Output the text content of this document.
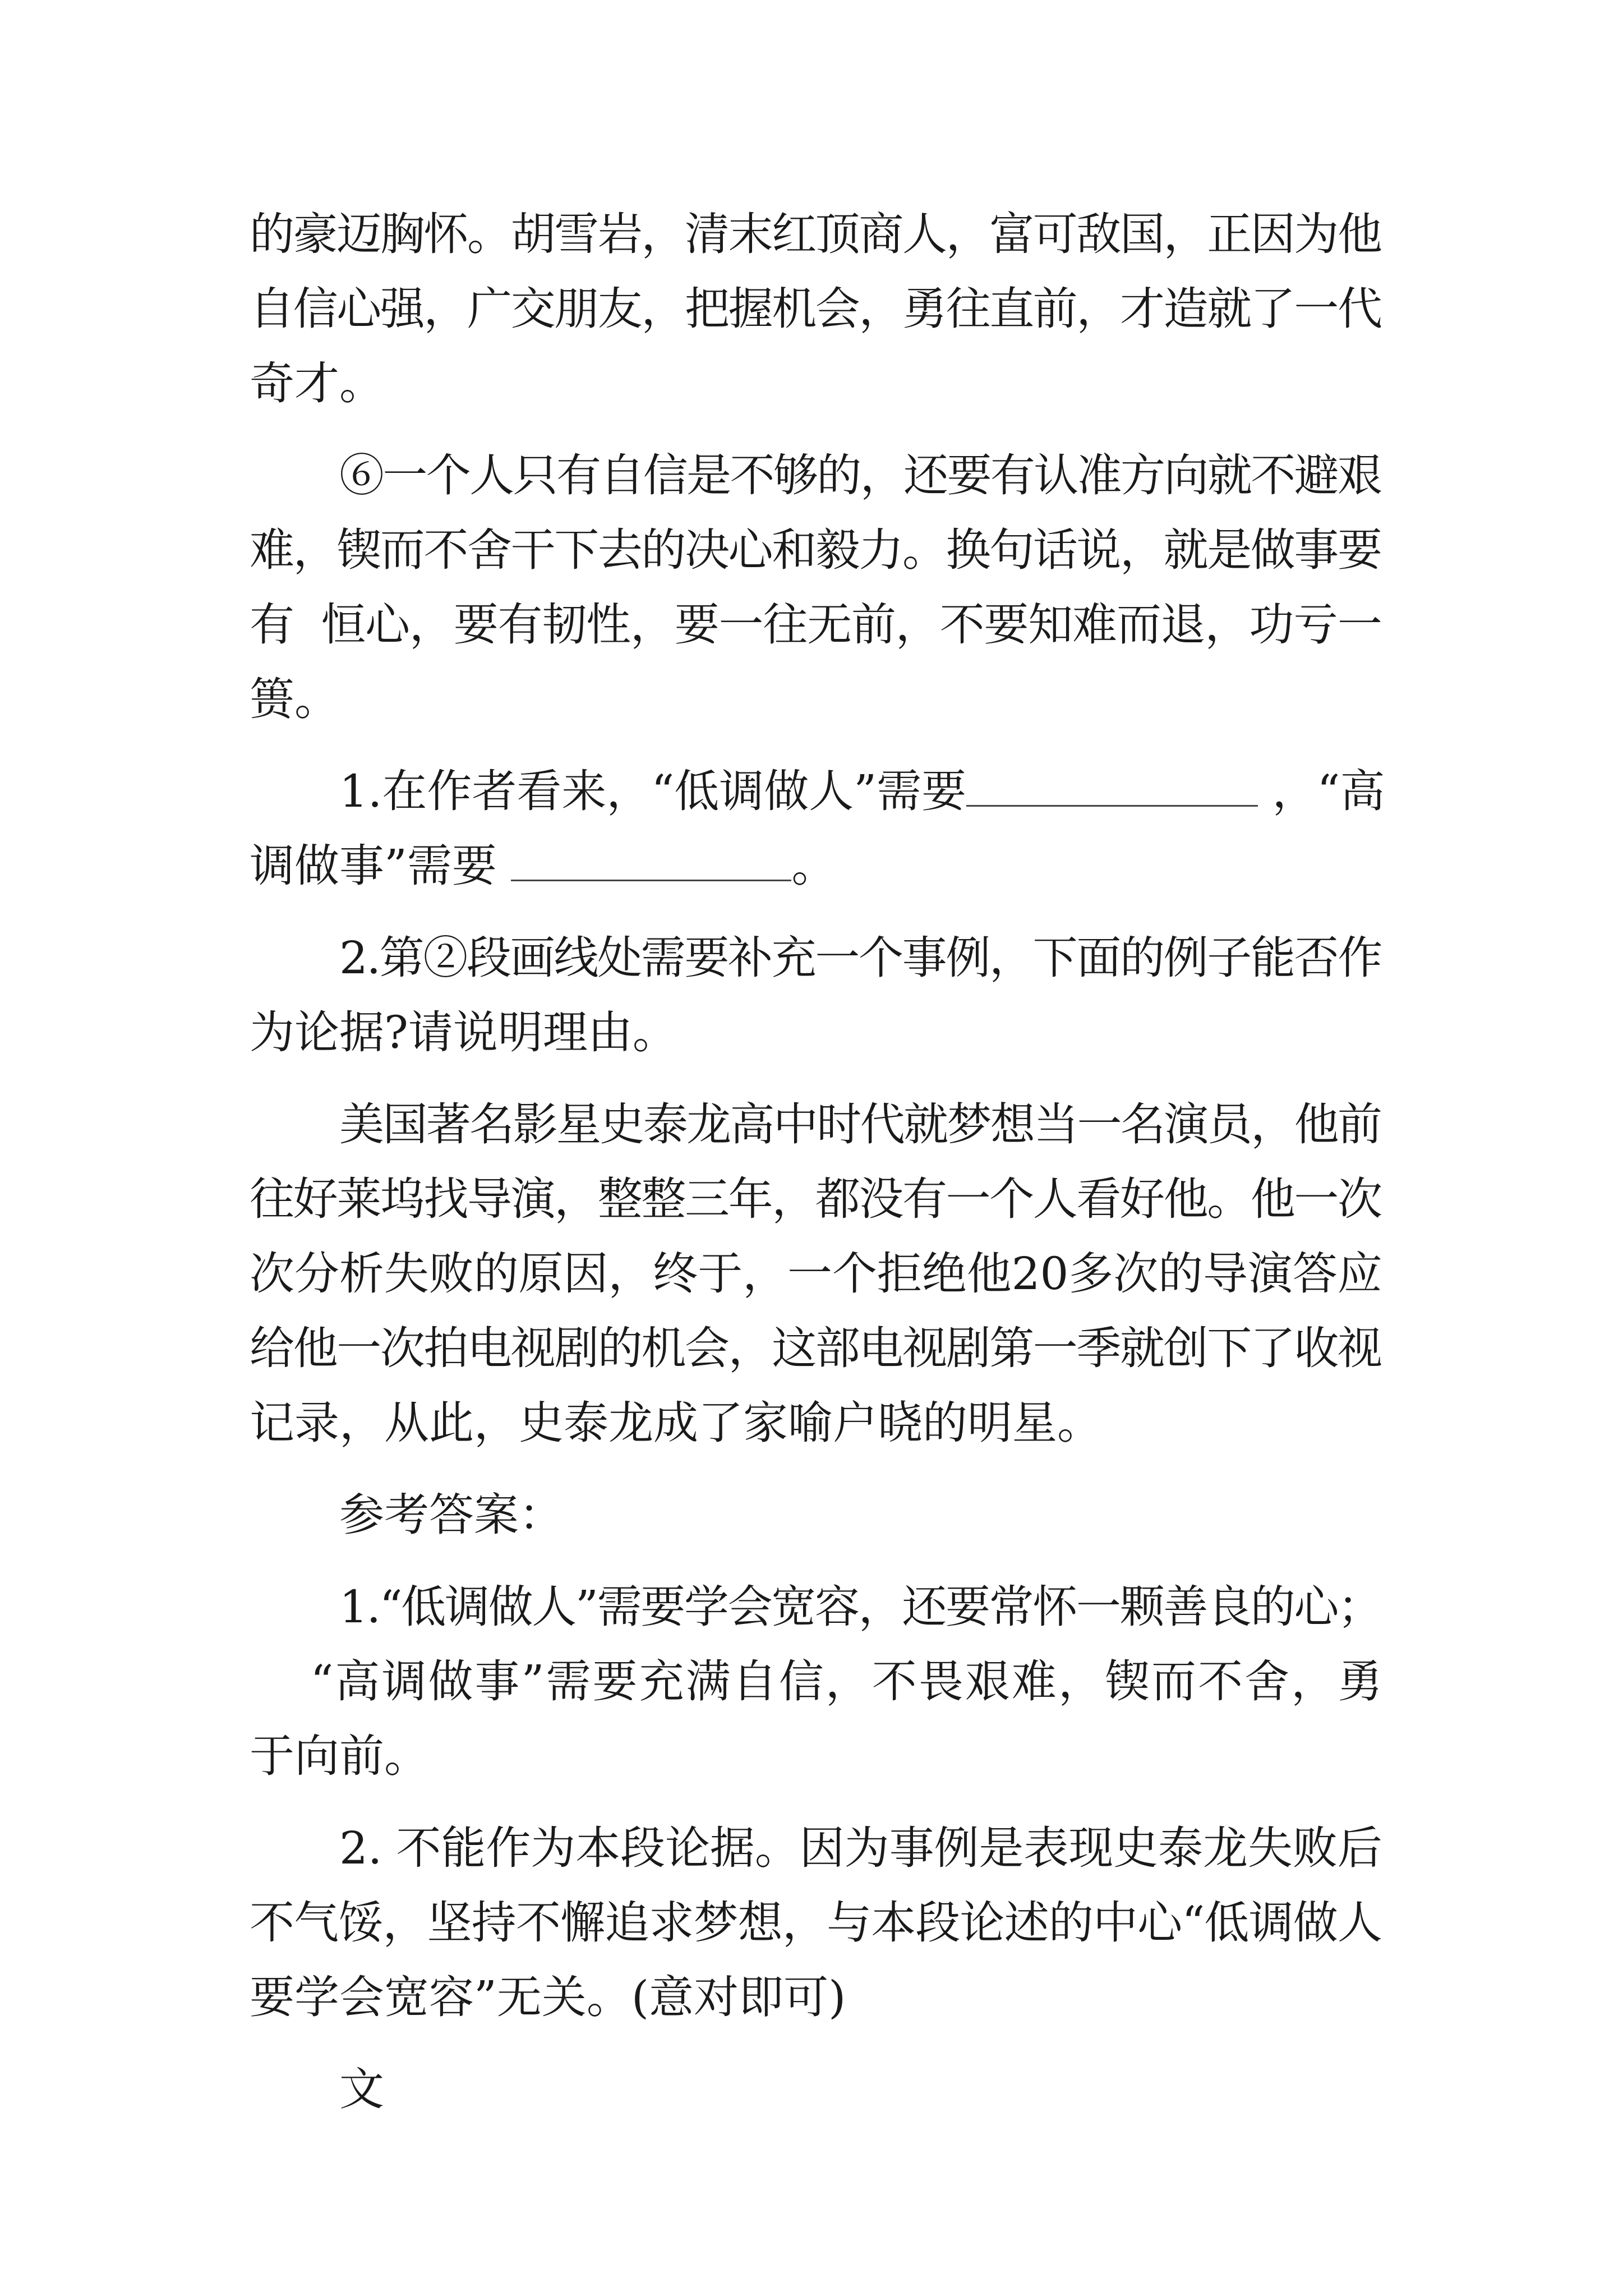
的豪迈胸怀。胡雪岩，清末红顶商人，富可敌国，正因为他
自信心强，广交朋友，把握机会，勇往直前，才造就了一代
奇才。
⑥一个人只有自信是不够的，还要有认准方向就不避艰
难，锲而不舍干下去的决心和毅力。换句话说，就是做事要
有  恒心，要有韧性，要一往无前，不要知难而退，功亏一
篑。
1.在作者看来，“低调做人”需要	，“高
调做事”需要	。
2.第②段画线处需要补充一个事例，下面的例子能否作
为论据?请说明理由。
美国著名影星史泰龙高中时代就梦想当一名演员，他前
往好莱坞找导演，整整三年，都没有一个人看好他。他一次
次分析失败的原因，终于，一个拒绝他20多次的导演答应
给他一次拍电视剧的机会，这部电视剧第一季就创下了收视
记录，从此，史泰龙成了家喻户晓的明星。
参考答案：
1.“低调做人”需要学会宽容，还要常怀一颗善良的心；
“高调做事”需要充满自信，不畏艰难，锲而不舍，勇
于向前。
2. 不能作为本段论据。因为事例是表现史泰龙失败后
不气馁，坚持不懈追求梦想，与本段论述的中心“低调做人
要学会宽容”无关。(意对即可)
文
